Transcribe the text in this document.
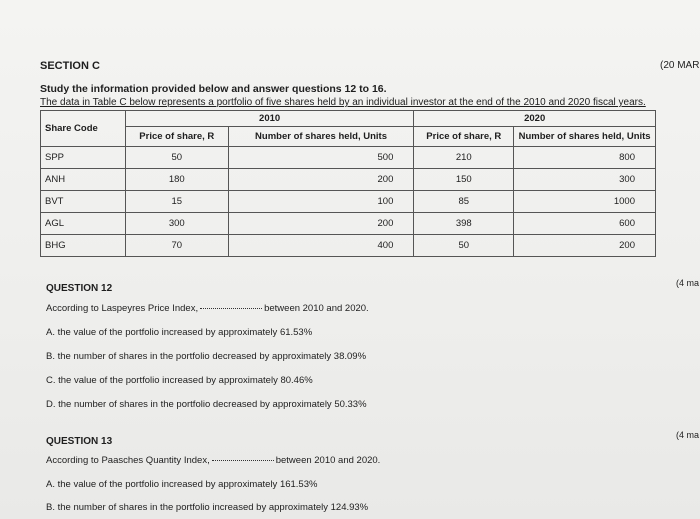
SECTION C	(20 MAR
Study the information provided below and answer questions 12 to 16.
The data in Table C below represents a portfolio of five shares held by an individual investor at the end of the 2010 and 2020 fiscal years.
Share Code	2010		2020	
	Price of share, R	Number of shares held, Units	Price of share, R	Number of shares held, Units
SPP	50	500	210	800
ANH	180	200	150	300
BVT	15	100	85	1000
AGL	300	200	398	600
BHG	70	400	50	200
QUESTION 12	(4 ma
According to Laspeyres Price Index,	between 2010 and 2020.
A. the value of the portfolio increased by approximately 61.53%
B. the number of shares in the portfolio decreased by approximately 38.09%
C. the value of the portfolio increased by approximately 80.46%
D. the number of shares in the portfolio decreased by approximately 50.33%
QUESTION 13
(4 ma
According to Paasches Quantity Index,	between 2010 and 2020.
A. the value of the portfolio increased by approximately 161.53%
B. the number of shares in the portfolio increased by approximately 124.93%
